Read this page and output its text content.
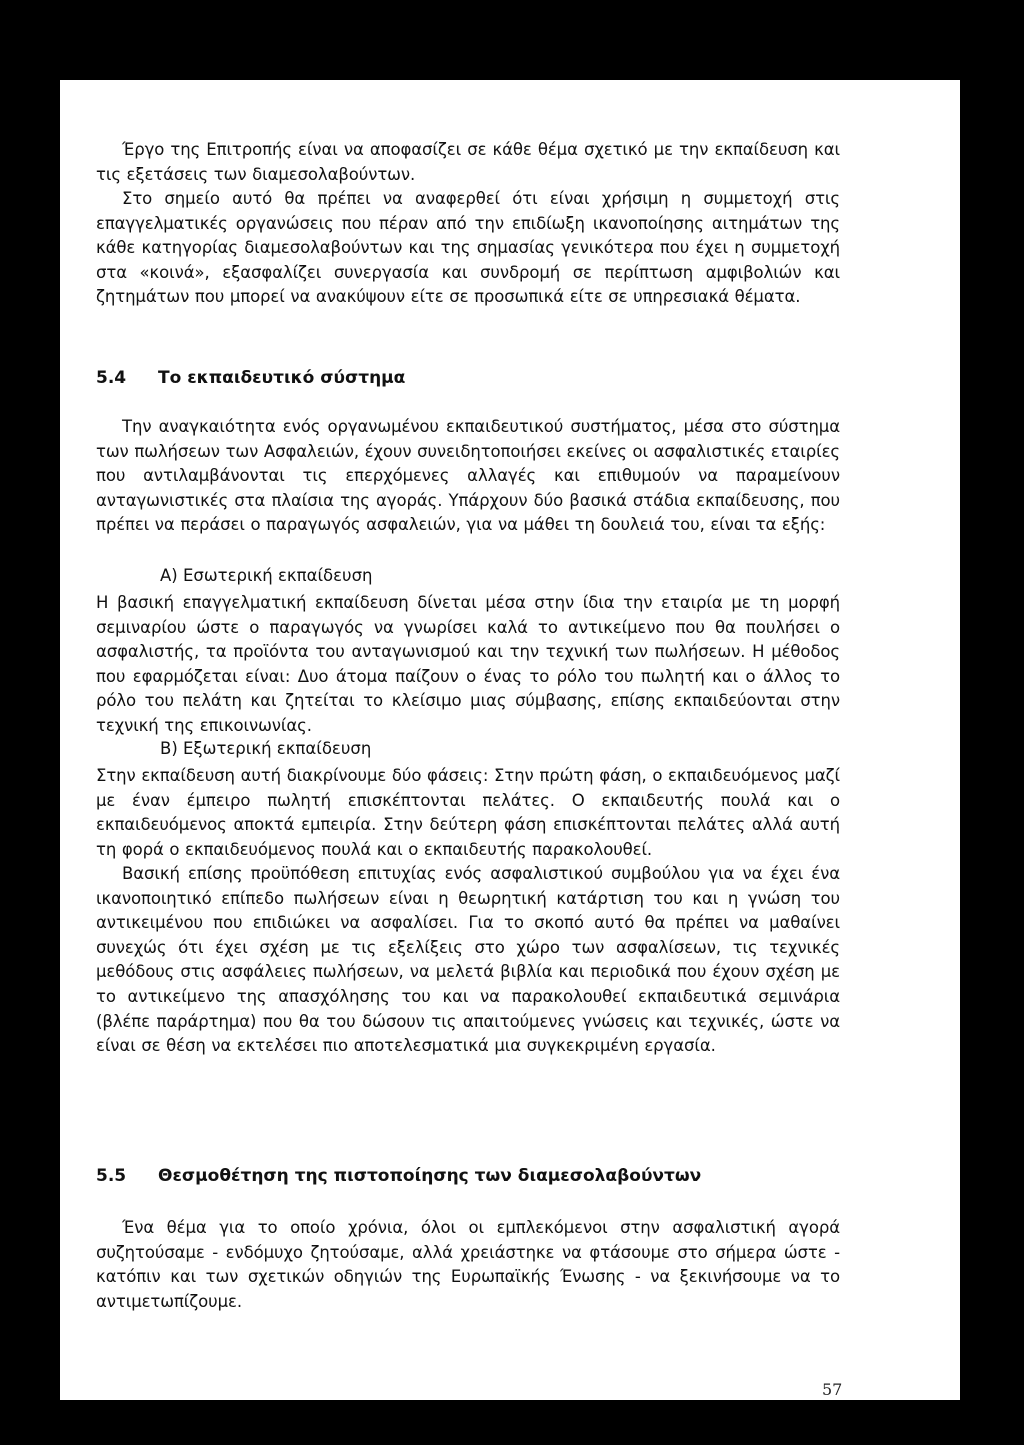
Έργο της Επιτροπής είναι να αποφασίζει σε κάθε θέμα σχετικό με την εκπαίδευση και τις εξετάσεις των διαμεσολαβούντων.

Στο σημείο αυτό θα πρέπει να αναφερθεί ότι είναι χρήσιμη η συμμετοχή στις επαγγελματικές οργανώσεις που πέραν από την επιδίωξη ικανοποίησης αιτημάτων της κάθε κατηγορίας διαμεσολαβούντων και της σημασίας γενικότερα που έχει η συμμετοχή στα «κοινά», εξασφαλίζει συνεργασία και συνδρομή σε περίπτωση αμφιβολιών και ζητημάτων που μπορεί να ανακύψουν είτε σε προσωπικά είτε σε υπηρεσιακά θέματα.

5.4 Το εκπαιδευτικό σύστημα

Την αναγκαιότητα ενός οργανωμένου εκπαιδευτικού συστήματος, μέσα στο σύστημα των πωλήσεων των Ασφαλειών, έχουν συνειδητοποιήσει εκείνες οι ασφαλιστικές εταιρίες που αντιλαμβάνονται τις επερχόμενες αλλαγές και επιθυμούν να παραμείνουν ανταγωνιστικές στα πλαίσια της αγοράς. Υπάρχουν δύο βασικά στάδια εκπαίδευσης, που πρέπει να περάσει ο παραγωγός ασφαλειών, για να μάθει τη δουλειά του, είναι τα εξής:

Α) Εσωτερική εκπαίδευση

Η βασική επαγγελματική εκπαίδευση δίνεται μέσα στην ίδια την εταιρία με τη μορφή σεμιναρίου ώστε ο παραγωγός να γνωρίσει καλά το αντικείμενο που θα πουλήσει ο ασφαλιστής, τα προϊόντα του ανταγωνισμού και την τεχνική των πωλήσεων. Η μέθοδος που εφαρμόζεται είναι: Δυο άτομα παίζουν ο ένας το ρόλο του πωλητή και ο άλλος το ρόλο του πελάτη και ζητείται το κλείσιμο μιας σύμβασης, επίσης εκπαιδεύονται στην τεχνική της επικοινωνίας.

Β) Εξωτερική εκπαίδευση

Στην εκπαίδευση αυτή διακρίνουμε δύο φάσεις: Στην πρώτη φάση, ο εκπαιδευόμενος μαζί με έναν έμπειρο πωλητή επισκέπτονται πελάτες. Ο εκπαιδευτής πουλά και ο εκπαιδευόμενος αποκτά εμπειρία. Στην δεύτερη φάση επισκέπτονται πελάτες αλλά αυτή τη φορά ο εκπαιδευόμενος πουλά και ο εκπαιδευτής παρακολουθεί.

Βασική επίσης προϋπόθεση επιτυχίας ενός ασφαλιστικού συμβούλου για να έχει ένα ικανοποιητικό επίπεδο πωλήσεων είναι η θεωρητική κατάρτιση του και η γνώση του αντικειμένου που επιδιώκει να ασφαλίσει. Για το σκοπό αυτό θα πρέπει να μαθαίνει συνεχώς ότι έχει σχέση με τις εξελίξεις στο χώρο των ασφαλίσεων, τις τεχνικές μεθόδους στις ασφάλειες πωλήσεων, να μελετά βιβλία και περιοδικά που έχουν σχέση με το αντικείμενο της απασχόλησης του και να παρακολουθεί εκπαιδευτικά σεμινάρια (βλέπε παράρτημα) που θα του δώσουν τις απαιτούμενες γνώσεις και τεχνικές, ώστε να είναι σε θέση να εκτελέσει πιο αποτελεσματικά μια συγκεκριμένη εργασία.

5.5 Θεσμοθέτηση της πιστοποίησης των διαμεσολαβούντων

Ένα θέμα για το οποίο χρόνια, όλοι οι εμπλεκόμενοι στην ασφαλιστική αγορά συζητούσαμε - ενδόμυχο ζητούσαμε, αλλά χρειάστηκε να φτάσουμε στο σήμερα ώστε - κατόπιν και των σχετικών οδηγιών της Ευρωπαϊκής Ένωσης - να ξεκινήσουμε να το αντιμετωπίζουμε.

57
